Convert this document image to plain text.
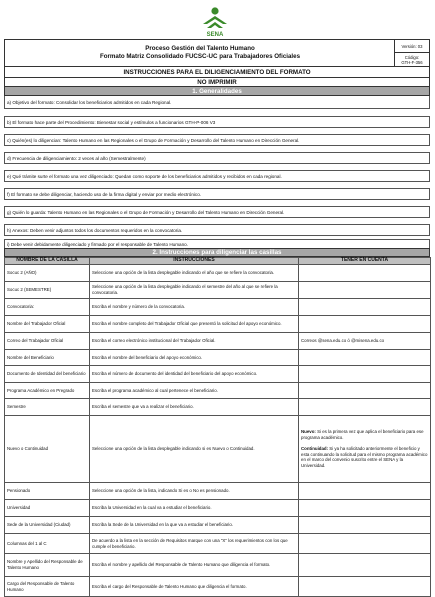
SENA
Proceso Gestión del Talento Humano
Formato Matriz Consolidado FUCSC-UC para Trabajadores Oficiales
Versión: 03
Código:
GTH-F-356
INSTRUCCIONES PARA EL DILIGENCIAMIENTO DEL FORMATO
NO IMPRIMIR
1. Generalidades
a) Objetivo del formato: Consolidar los beneficiarios admitidos en cada Regional.
b) El formato hace parte del Procedimiento: Bienestar social y estímulos a funcionarios GTH-P-006 V3
c) Quién(es) lo diligencian: Talento Humano en las Regionales o el Grupo de Formación y Desarrollo del Talento Humano en Dirección General.
d) Frecuencia de diligenciamiento: 2 veces al año (Semestralmente)
e) Qué trámite surte el formato una vez diligenciado: Quedan como soporte de los beneficiarios admitidos y recibidos en cada regional.
f) El formato se debe diligenciar, haciendo uso de la firma digital y enviar por medio electrónico.
g) Quién lo guarda: Talento Humano en las Regionales o el Grupo de Formación y Desarrollo del Talento Humano en Dirección General.
h) Anexos: Deben venir adjuntos todos los documentos requeridos en la convocatoria.
i) Debe venir debidamente diligenciado y firmado por el responsable de Talento Humano.
2. Instrucciones para diligenciar las casillas
NOMBRE DE LA CASILLA	INSTRUCCIONES	TENER EN CUENTA
Socuc 2 (AÑO)	Seleccione una opción de la lista desplegable indicando el año que se refiere la convocatoria.	
Socuc 2 (SEMESTRE)	Seleccione una opción de la lista desplegable indicando el semestre del año al que se refiere la convocatoria.	
Convocatoria:	Escriba el nombre y número de la convocatoria.	
Nombre del Trabajador Oficial	Escriba el nombre completo del Trabajador Oficial que presentó la solicitud del apoyo económico.	
Correo del Trabajador Oficial	Escriba el correo electrónico institucional del Trabajador Oficial.	Correos @sena.edu.co ó @misena.edu.co
Nombre del Beneficiario	Escriba el nombre del beneficiario del apoyo económico.	
Documento de Identidad del beneficiario	Escriba el número de documento del identidad del beneficiario del apoyo económico.	
Programa Académico en Pregrado	Escriba el programa académico al cual pertenece el beneficiario.	
Semestre	Escriba el semestre que va a realizar el beneficiario.	
Nuevo o Continuidad	Seleccione una opción de la lista desplegable indicando si es Nuevo o Continuidad.	Nuevo: Si es la primera vez que aplica el beneficiario para ese programa académico.

Continuidad: Si ya ha solicitado anteriormente el beneficio y esta continuando la solicitud para el mismo programa académico en el marco del convenio suscrito entre el SENA y la Universidad.
Pensionado	Seleccione una opción de la lista, indicando Si es o No es pensionado.	
Universidad	Escriba la Universidad en la cual va a estudiar el beneficiario.	
Sede de la Universidad (Ciudad)	Escriba la Sede de la Universidad en la que va a estudiar el beneficiario.	
Columnas del 1 al C	De acuerdo a la lista en la sección de Requisitos marque con una "X" los requerimientos con los que cumple el beneficiario.	
Nombre y Apellido del Responsable de Talento Humano	Escriba el nombre y apellido del Responsable de Talento Humano que diligencia el formato.	
Cargo del Responsable de Talento Humano	Escriba el cargo del Responsable de Talento Humano que diligencia el formato.	
